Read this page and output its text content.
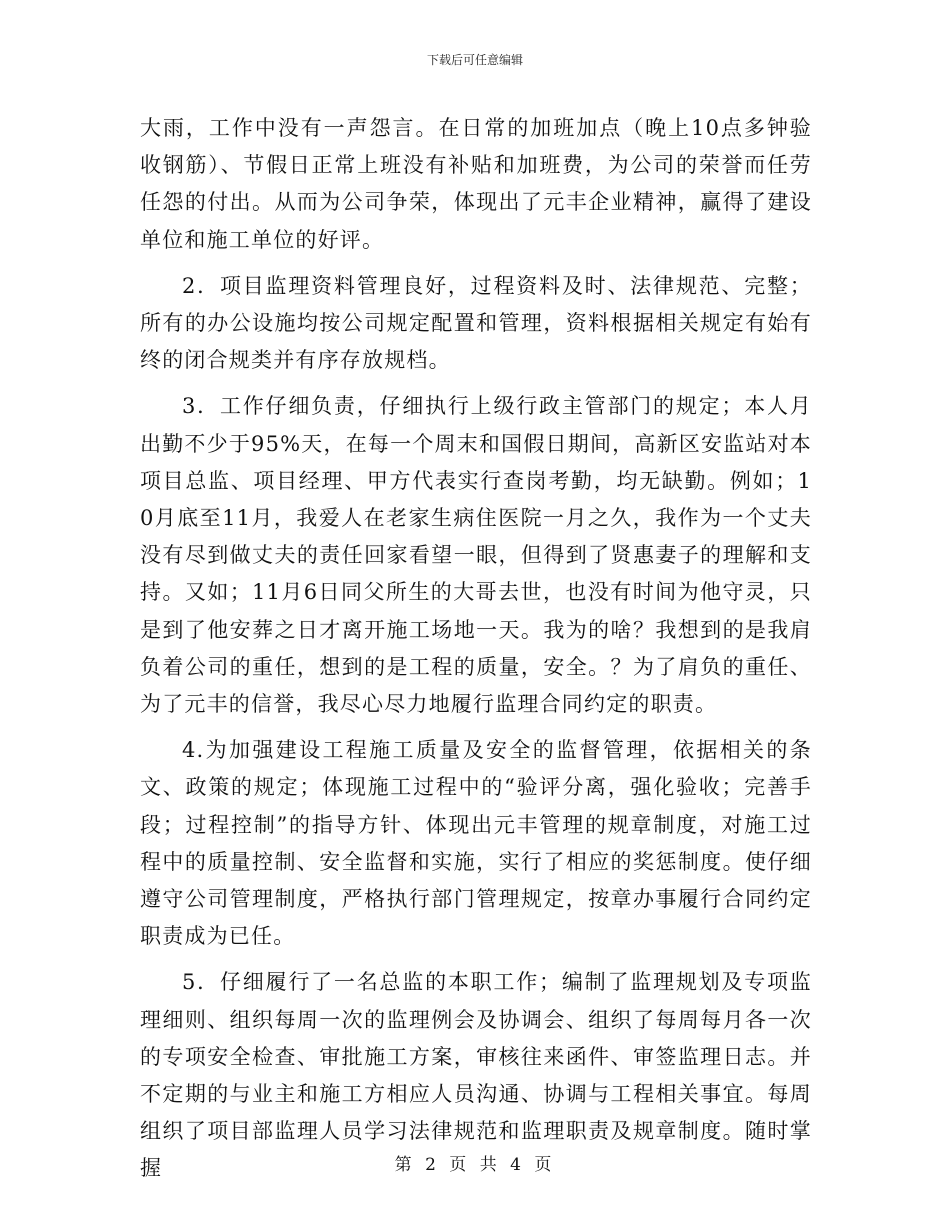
下载后可任意编辑

大雨，工作中没有一声怨言。在日常的加班加点（晚上10点多钟验收钢筋）、节假日正常上班没有补贴和加班费，为公司的荣誉而任劳任怨的付出。从而为公司争荣，体现出了元丰企业精神，赢得了建设单位和施工单位的好评。

2．项目监理资料管理良好，过程资料及时、法律规范、完整；所有的办公设施均按公司规定配置和管理，资料根据相关规定有始有终的闭合规类并有序存放规档。

3．工作仔细负责，仔细执行上级行政主管部门的规定；本人月出勤不少于95%天，在每一个周末和国假日期间，高新区安监站对本项目总监、项目经理、甲方代表实行查岗考勤，均无缺勤。例如；10月底至11月，我爱人在老家生病住医院一月之久，我作为一个丈夫没有尽到做丈夫的责任回家看望一眼，但得到了贤惠妻子的理解和支持。又如；11月6日同父所生的大哥去世，也没有时间为他守灵，只是到了他安葬之日才离开施工场地一天。我为的啥？我想到的是我肩负着公司的重任，想到的是工程的质量，安全。？为了肩负的重任、为了元丰的信誉，我尽心尽力地履行监理合同约定的职责。

4.为加强建设工程施工质量及安全的监督管理，依据相关的条文、政策的规定；体现施工过程中的“验评分离，强化验收；完善手段；过程控制”的指导方针、体现出元丰管理的规章制度，对施工过程中的质量控制、安全监督和实施，实行了相应的奖惩制度。使仔细遵守公司管理制度，严格执行部门管理规定，按章办事履行合同约定职责成为已任。

5．仔细履行了一名总监的本职工作；编制了监理规划及专项监理细则、组织每周一次的监理例会及协调会、组织了每周每月各一次的专项安全检查、审批施工方案，审核往来函件、审签监理日志。并不定期的与业主和施工方相应人员沟通、协调与工程相关事宜。每周组织了项目部监理人员学习法律规范和监理职责及规章制度。随时掌握	第 2 页 共 4 页
